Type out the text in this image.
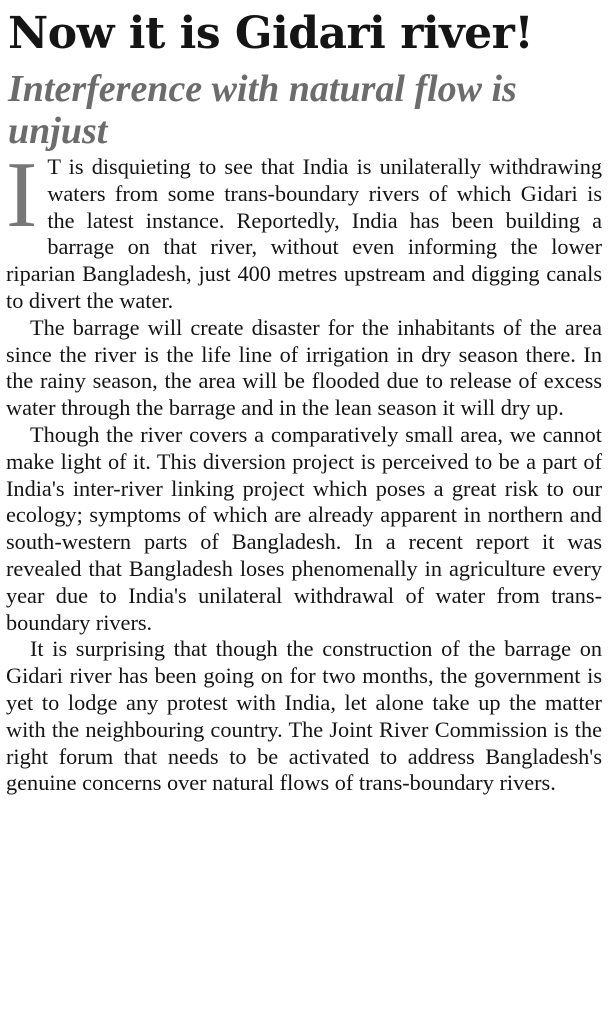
Now it is Gidari river!
Interference with natural flow is unjust

I T is disquieting to see that India is unilaterally withdrawing waters from some trans-boundary rivers of which Gidari is the latest instance. Reportedly, India has been building a barrage on that river, without even informing the lower riparian Bangladesh, just 400 metres upstream and digging canals to divert the water.

The barrage will create disaster for the inhabitants of the area since the river is the life line of irrigation in dry season there. In the rainy season, the area will be flooded due to release of excess water through the barrage and in the lean season it will dry up.

Though the river covers a comparatively small area, we cannot make light of it. This diversion project is perceived to be a part of India's inter-river linking project which poses a great risk to our ecology; symptoms of which are already apparent in northern and south-western parts of Bangladesh. In a recent report it was revealed that Bangladesh loses phenomenally in agriculture every year due to India's unilateral withdrawal of water from trans-boundary rivers.

It is surprising that though the construction of the barrage on Gidari river has been going on for two months, the government is yet to lodge any protest with India, let alone take up the matter with the neighbouring country. The Joint River Commission is the right forum that needs to be activated to address Bangladesh's genuine concerns over natural flows of trans-boundary rivers.
